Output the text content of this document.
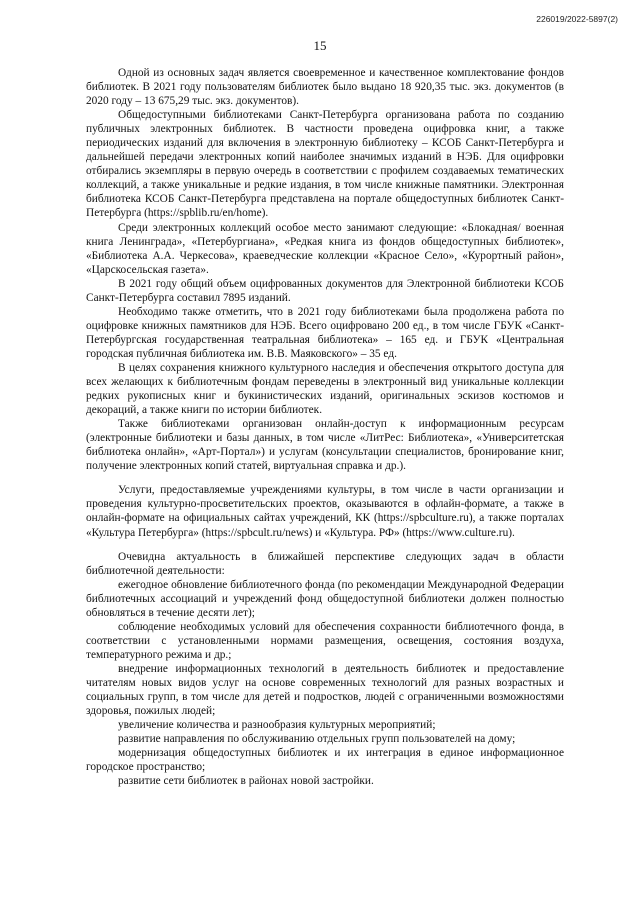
226019/2022-5897(2)
15

Одной из основных задач является своевременное и качественное комплектование фондов библиотек. В 2021 году пользователям библиотек было выдано 18 920,35 тыс. экз. документов (в 2020 году – 13 675,29 тыс. экз. документов).

Общедоступными библиотеками Санкт-Петербурга организована работа по созданию публичных электронных библиотек. В частности проведена оцифровка книг, а также периодических изданий для включения в электронную библиотеку – КСОБ Санкт-Петербурга и дальнейшей передачи электронных копий наиболее значимых изданий в НЭБ. Для оцифровки отбирались экземпляры в первую очередь в соответствии с профилем создаваемых тематических коллекций, а также уникальные и редкие издания, в том числе книжные памятники. Электронная библиотека КСОБ Санкт-Петербурга представлена на портале общедоступных библиотек Санкт-Петербурга (https://spblib.ru/en/home).

Среди электронных коллекций особое место занимают следующие: «Блокадная/ военная книга Ленинграда», «Петербургиана», «Редкая книга из фондов общедоступных библиотек», «Библиотека А.А. Черкесова», краеведческие коллекции «Красное Село», «Курортный район», «Царскосельская газета».

В 2021 году общий объем оцифрованных документов для Электронной библиотеки КСОБ Санкт-Петербурга составил 7895 изданий.

Необходимо также отметить, что в 2021 году библиотеками была продолжена работа по оцифровке книжных памятников для НЭБ. Всего оцифровано 200 ед., в том числе ГБУК «Санкт-Петербургская государственная театральная библиотека» – 165 ед. и ГБУК «Центральная городская публичная библиотека им. В.В. Маяковского» – 35 ед.

В целях сохранения книжного культурного наследия и обеспечения открытого доступа для всех желающих к библиотечным фондам переведены в электронный вид уникальные коллекции редких рукописных книг и букинистических изданий, оригинальных эскизов костюмов и декораций, а также книги по истории библиотек.

Также библиотеками организован онлайн-доступ к информационным ресурсам (электронные библиотеки и базы данных, в том числе «ЛитРес: Библиотека», «Университетская библиотека онлайн», «Арт-Портал») и услугам (консультации специалистов, бронирование книг, получение электронных копий статей, виртуальная справка и др.).

Услуги, предоставляемые учреждениями культуры, в том числе в части организации и проведения культурно-просветительских проектов, оказываются в офлайн-формате, а также в онлайн-формате на официальных сайтах учреждений, КК (https://spbculture.ru), а также порталах «Культура Петербурга» (https://spbcult.ru/news) и «Культура. РФ» (https://www.culture.ru).

Очевидна актуальность в ближайшей перспективе следующих задач в области библиотечной деятельности:

ежегодное обновление библиотечного фонда (по рекомендации Международной Федерации библиотечных ассоциаций и учреждений фонд общедоступной библиотеки должен полностью обновляться в течение десяти лет);

соблюдение необходимых условий для обеспечения сохранности библиотечного фонда, в соответствии с установленными нормами размещения, освещения, состояния воздуха, температурного режима и др.;

внедрение информационных технологий в деятельность библиотек и предоставление читателям новых видов услуг на основе современных технологий для разных возрастных и социальных групп, в том числе для детей и подростков, людей с ограниченными возможностями здоровья, пожилых людей;

увеличение количества и разнообразия культурных мероприятий;

развитие направления по обслуживанию отдельных групп пользователей на дому;

модернизация общедоступных библиотек и их интеграция в единое информационное городское пространство;

развитие сети библиотек в районах новой застройки.
